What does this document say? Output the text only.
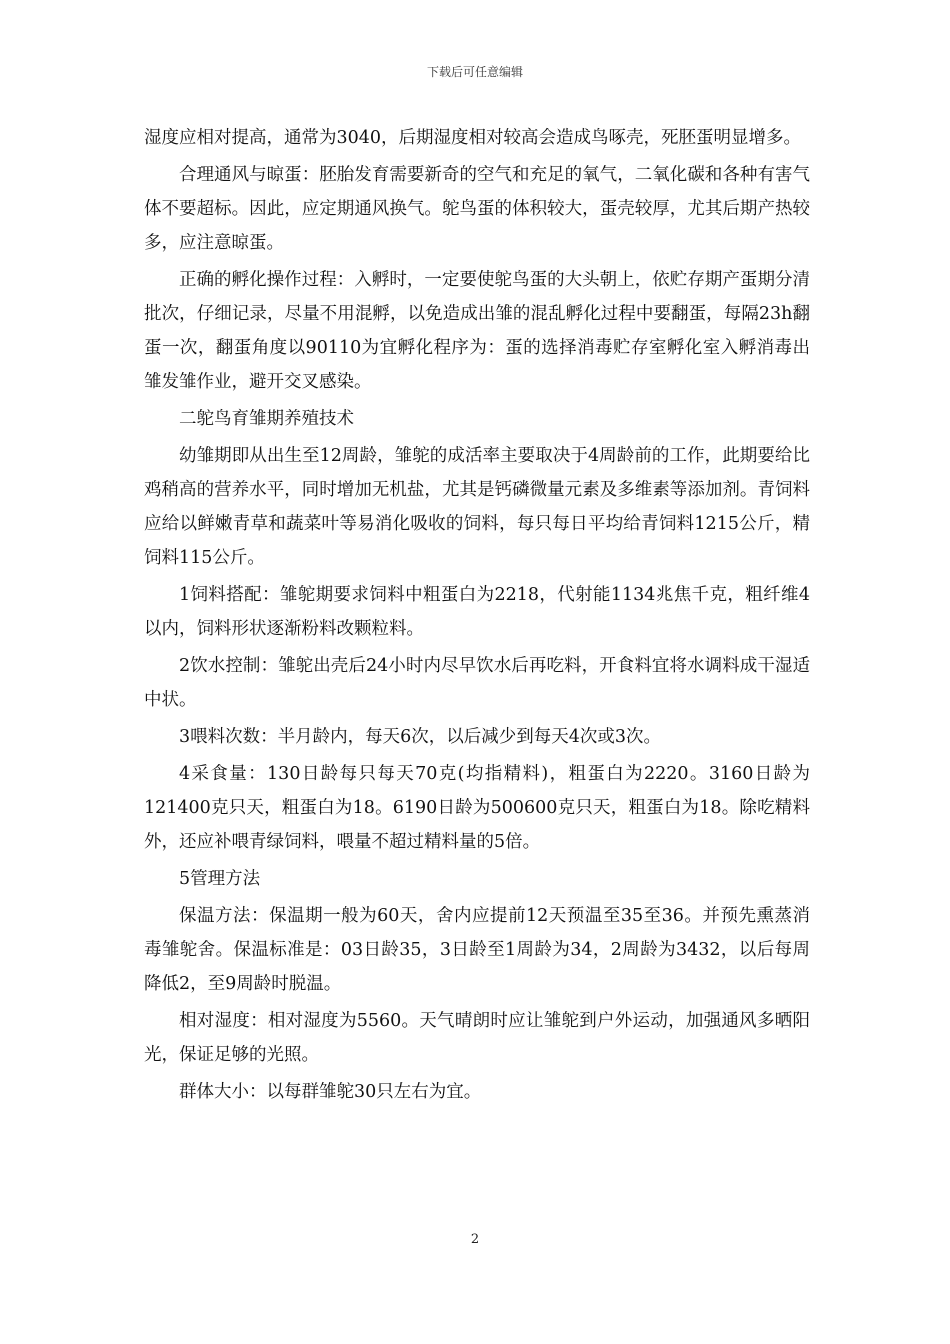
下载后可任意编辑

湿度应相对提高，通常为3040，后期湿度相对较高会造成鸟啄壳，死胚蛋明显增多。

合理通风与晾蛋：胚胎发育需要新奇的空气和充足的氧气，二氧化碳和各种有害气体不要超标。因此，应定期通风换气。鸵鸟蛋的体积较大，蛋壳较厚，尤其后期产热较多，应注意晾蛋。

正确的孵化操作过程：入孵时，一定要使鸵鸟蛋的大头朝上，依贮存期产蛋期分清批次，仔细记录，尽量不用混孵，以免造成出雏的混乱孵化过程中要翻蛋，每隔23h翻蛋一次，翻蛋角度以90110为宜孵化程序为：蛋的选择消毒贮存室孵化室入孵消毒出雏发雏作业，避开交叉感染。

二鸵鸟育雏期养殖技术

幼雏期即从出生至12周龄，雏鸵的成活率主要取决于4周龄前的工作，此期要给比鸡稍高的营养水平，同时增加无机盐，尤其是钙磷微量元素及多维素等添加剂。青饲料应给以鲜嫩青草和蔬菜叶等易消化吸收的饲料，每只每日平均给青饲料1215公斤，精饲料115公斤。

1饲料搭配：雏鸵期要求饲料中粗蛋白为2218，代射能1134兆焦千克，粗纤维4以内，饲料形状逐渐粉料改颗粒料。

2饮水控制：雏鸵出壳后24小时内尽早饮水后再吃料，开食料宜将水调料成干湿适中状。

3喂料次数：半月龄内，每天6次，以后减少到每天4次或3次。

4采食量：130日龄每只每天70克(均指精料)，粗蛋白为2220。3160日龄为121400克只天，粗蛋白为18。6190日龄为500600克只天，粗蛋白为18。除吃精料外，还应补喂青绿饲料，喂量不超过精料量的5倍。

5管理方法

保温方法：保温期一般为60天，舍内应提前12天预温至35至36。并预先熏蒸消毒雏鸵舍。保温标准是：03日龄35，3日龄至1周龄为34，2周龄为3432，以后每周降低2，至9周龄时脱温。

相对湿度：相对湿度为5560。天气晴朗时应让雏鸵到户外运动，加强通风多晒阳光，保证足够的光照。

群体大小：以每群雏鸵30只左右为宜。

2
